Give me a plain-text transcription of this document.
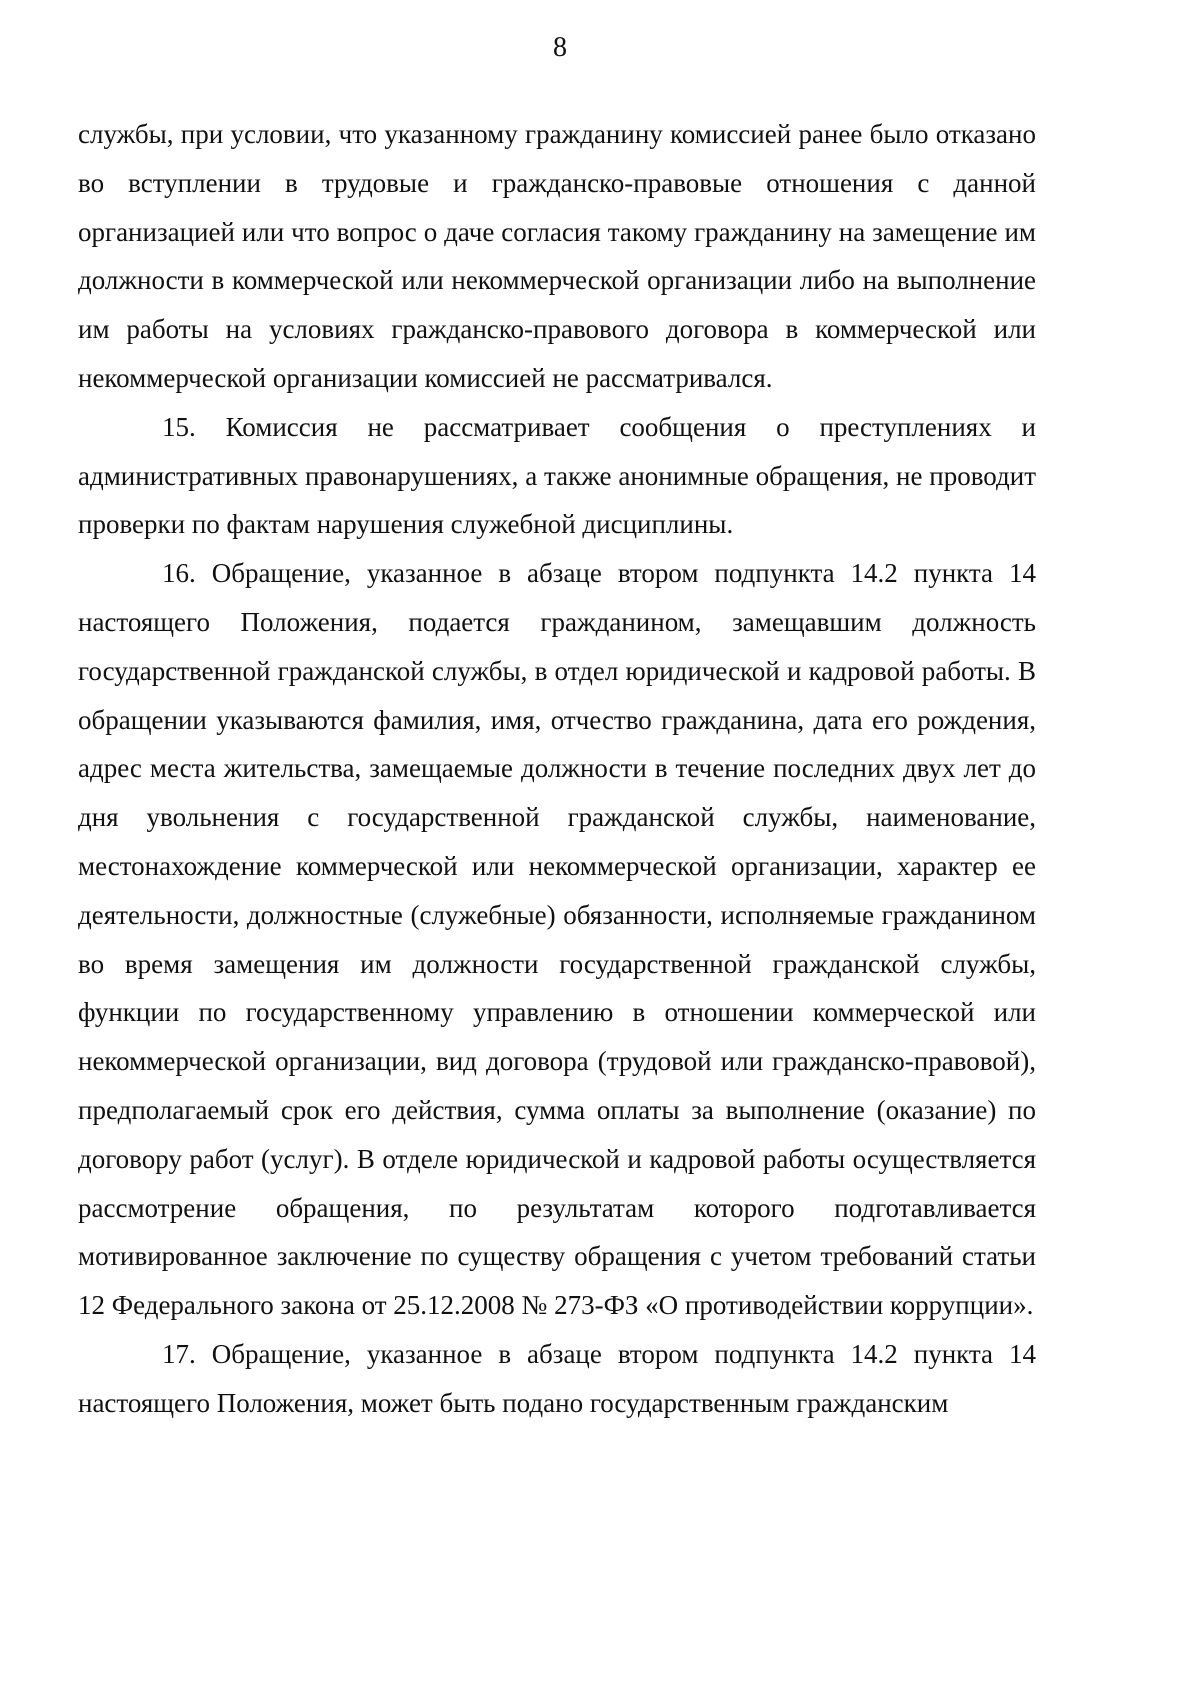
8

службы, при условии, что указанному гражданину комиссией ранее было отказано во вступлении в трудовые и гражданско-правовые отношения с данной организацией или что вопрос о даче согласия такому гражданину на замещение им должности в коммерческой или некоммерческой организации либо на выполнение им работы на условиях гражданско-правового договора в коммерческой или некоммерческой организации комиссией не рассматривался.

15. Комиссия не рассматривает сообщения о преступлениях и административных правонарушениях, а также анонимные обращения, не проводит проверки по фактам нарушения служебной дисциплины.

16. Обращение, указанное в абзаце втором подпункта 14.2 пункта 14 настоящего Положения, подается гражданином, замещавшим должность государственной гражданской службы, в отдел юридической и кадровой работы. В обращении указываются фамилия, имя, отчество гражданина, дата его рождения, адрес места жительства, замещаемые должности в течение последних двух лет до дня увольнения с государственной гражданской службы, наименование, местонахождение коммерческой или некоммерческой организации, характер ее деятельности, должностные (служебные) обязанности, исполняемые гражданином во время замещения им должности государственной гражданской службы, функции по государственному управлению в отношении коммерческой или некоммерческой организации, вид договора (трудовой или гражданско-правовой), предполагаемый срок его действия, сумма оплаты за выполнение (оказание) по договору работ (услуг). В отделе юридической и кадровой работы осуществляется рассмотрение обращения, по результатам которого подготавливается мотивированное заключение по существу обращения с учетом требований статьи 12 Федерального закона от 25.12.2008 № 273-ФЗ «О противодействии коррупции».

17. Обращение, указанное в абзаце втором подпункта 14.2 пункта 14 настоящего Положения, может быть подано государственным гражданским
